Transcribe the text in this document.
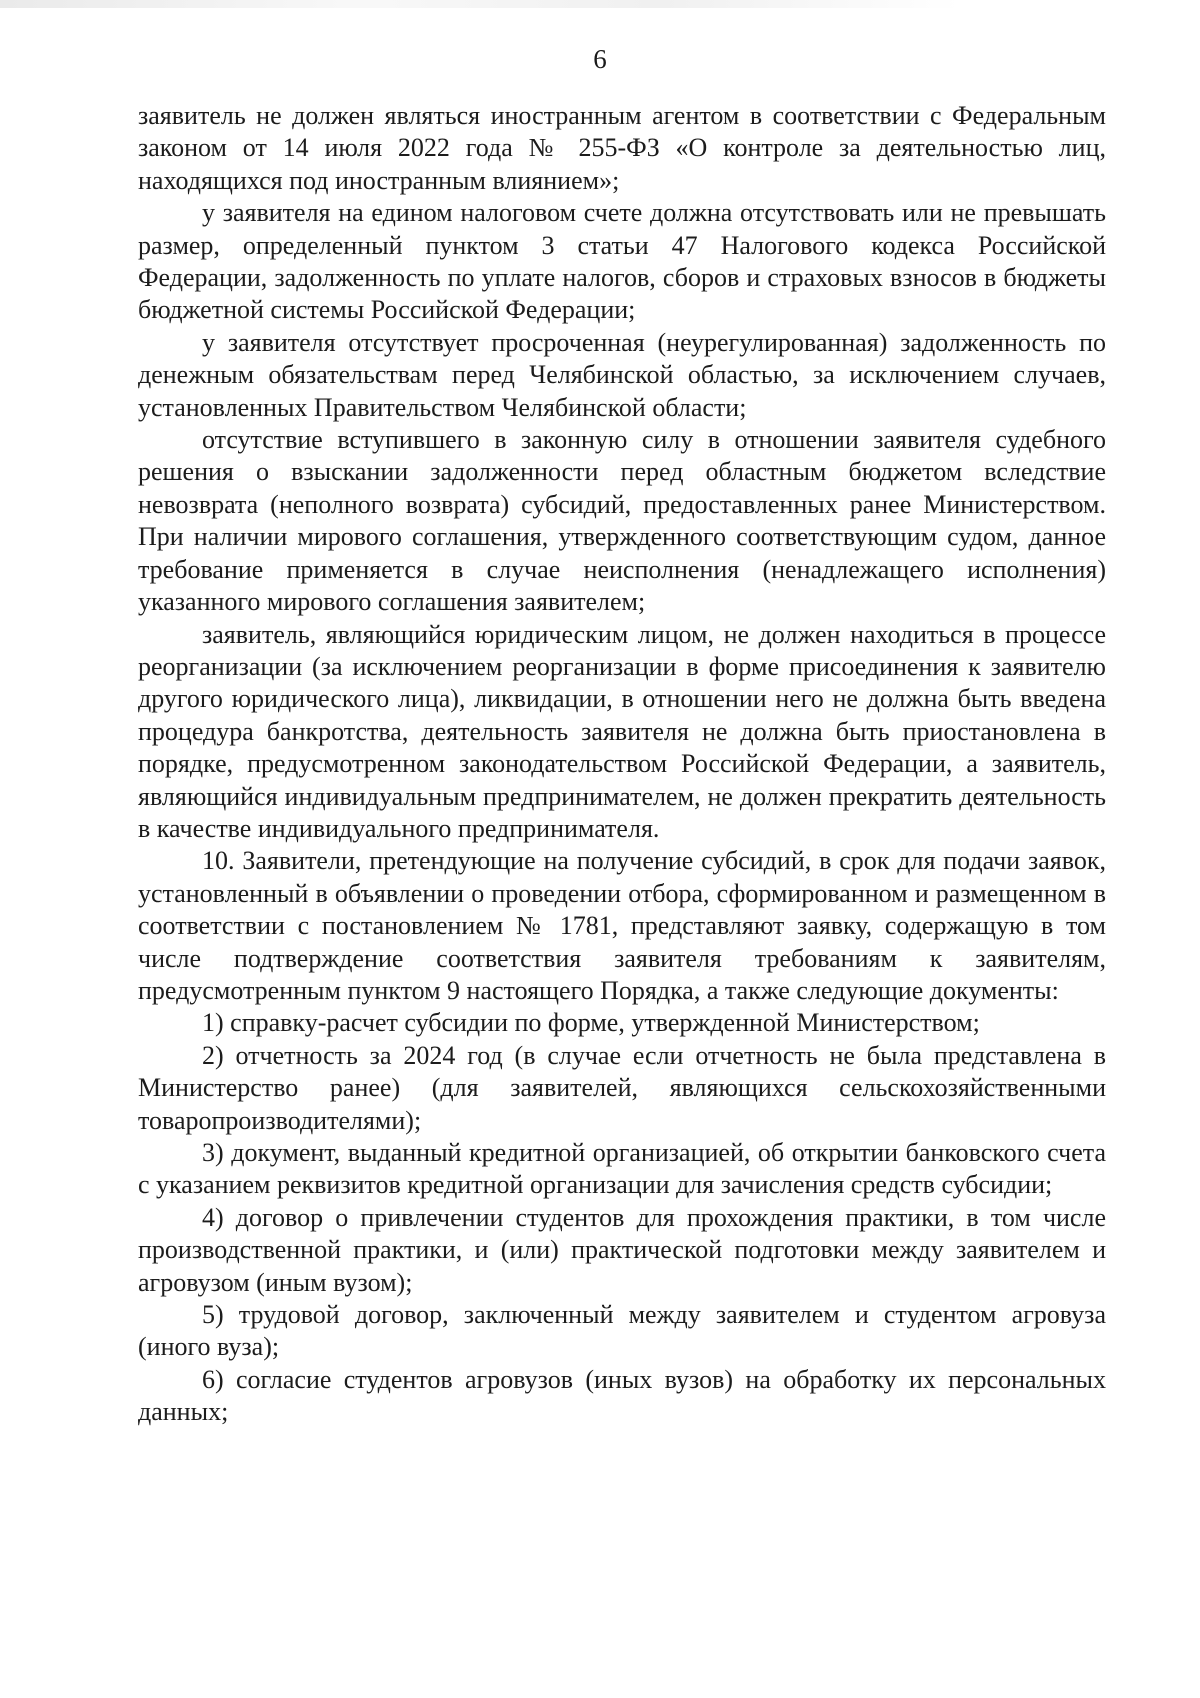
6

заявитель не должен являться иностранным агентом в соответствии с Федеральным законом от 14 июля 2022 года № 255-ФЗ «О контроле за деятельностью лиц, находящихся под иностранным влиянием»;

у заявителя на едином налоговом счете должна отсутствовать или не превышать размер, определенный пунктом 3 статьи 47 Налогового кодекса Российской Федерации, задолженность по уплате налогов, сборов и страховых взносов в бюджеты бюджетной системы Российской Федерации;

у заявителя отсутствует просроченная (неурегулированная) задолженность по денежным обязательствам перед Челябинской областью, за исключением случаев, установленных Правительством Челябинской области;

отсутствие вступившего в законную силу в отношении заявителя судебного решения о взыскании задолженности перед областным бюджетом вследствие невозврата (неполного возврата) субсидий, предоставленных ранее Министерством. При наличии мирового соглашения, утвержденного соответствующим судом, данное требование применяется в случае неисполнения (ненадлежащего исполнения) указанного мирового соглашения заявителем;

заявитель, являющийся юридическим лицом, не должен находиться в процессе реорганизации (за исключением реорганизации в форме присоединения к заявителю другого юридического лица), ликвидации, в отношении него не должна быть введена процедура банкротства, деятельность заявителя не должна быть приостановлена в порядке, предусмотренном законодательством Российской Федерации, а заявитель, являющийся индивидуальным предпринимателем, не должен прекратить деятельность в качестве индивидуального предпринимателя.

10. Заявители, претендующие на получение субсидий, в срок для подачи заявок, установленный в объявлении о проведении отбора, сформированном и размещенном в соответствии с постановлением № 1781, представляют заявку, содержащую в том числе подтверждение соответствия заявителя требованиям к заявителям, предусмотренным пунктом 9 настоящего Порядка, а также следующие документы:

1) справку-расчет субсидии по форме, утвержденной Министерством;

2) отчетность за 2024 год (в случае если отчетность не была представлена в Министерство ранее) (для заявителей, являющихся сельскохозяйственными товаропроизводителями);

3) документ, выданный кредитной организацией, об открытии банковского счета с указанием реквизитов кредитной организации для зачисления средств субсидии;

4) договор о привлечении студентов для прохождения практики, в том числе производственной практики, и (или) практической подготовки между заявителем и агровузом (иным вузом);

5) трудовой договор, заключенный между заявителем и студентом агровуза (иного вуза);

6) согласие студентов агровузов (иных вузов) на обработку их персональных данных;
